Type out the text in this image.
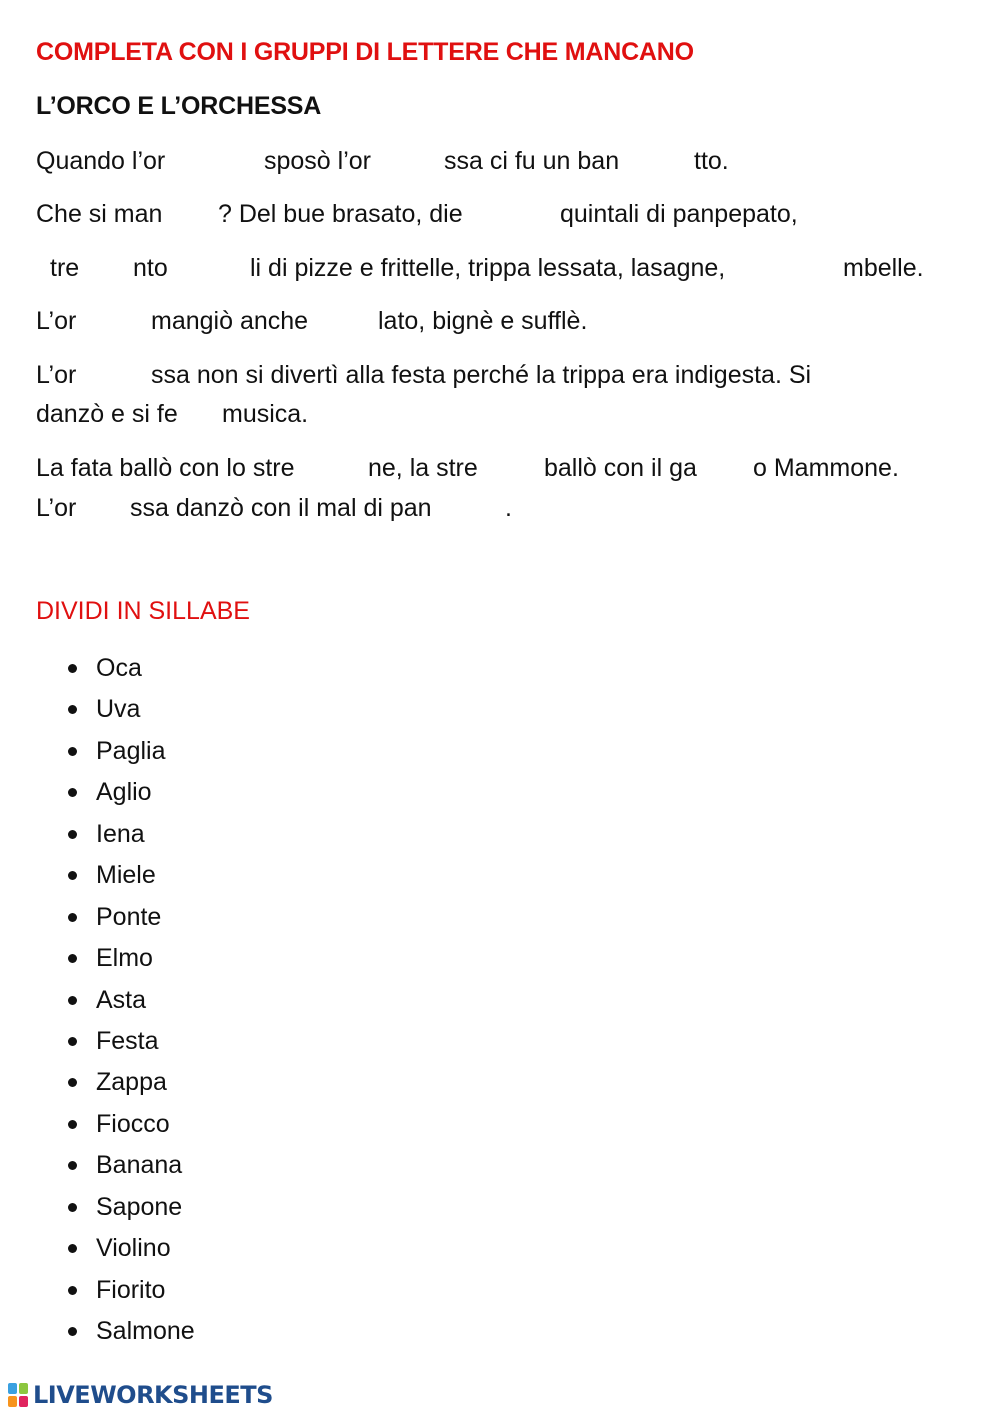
COMPLETA CON I GRUPPI DI LETTERE CHE MANCANO
L’ORCO E L’ORCHESSA

Quando l’or

	sposò l’or

	ssa ci fu un ban

	tto.

Che si man

? Del bue brasato, die

	quintali di panpepato,

tre

nto

	li di pizze e frittelle, trippa lessata, lasagne,

	mbelle.

L’or

	mangiò anche

	lato, bignè e sufflè.

L’or

	ssa non si divertì alla festa perché la trippa era indigesta. Si

danzò e si fe

musica.

La fata ballò con lo stre

	ne, la stre

	ballò con il ga

o Mammone.

L’or

ssa danzò con il mal di pan

	.

DIVIDI IN SILLABE
Oca
Uva
Paglia
Aglio
Iena
Miele
Ponte
Elmo
Asta
Festa
Zappa
Fiocco
Banana
Sapone
Violino
Fiorito
Salmone
LIVEWORKSHEETS
